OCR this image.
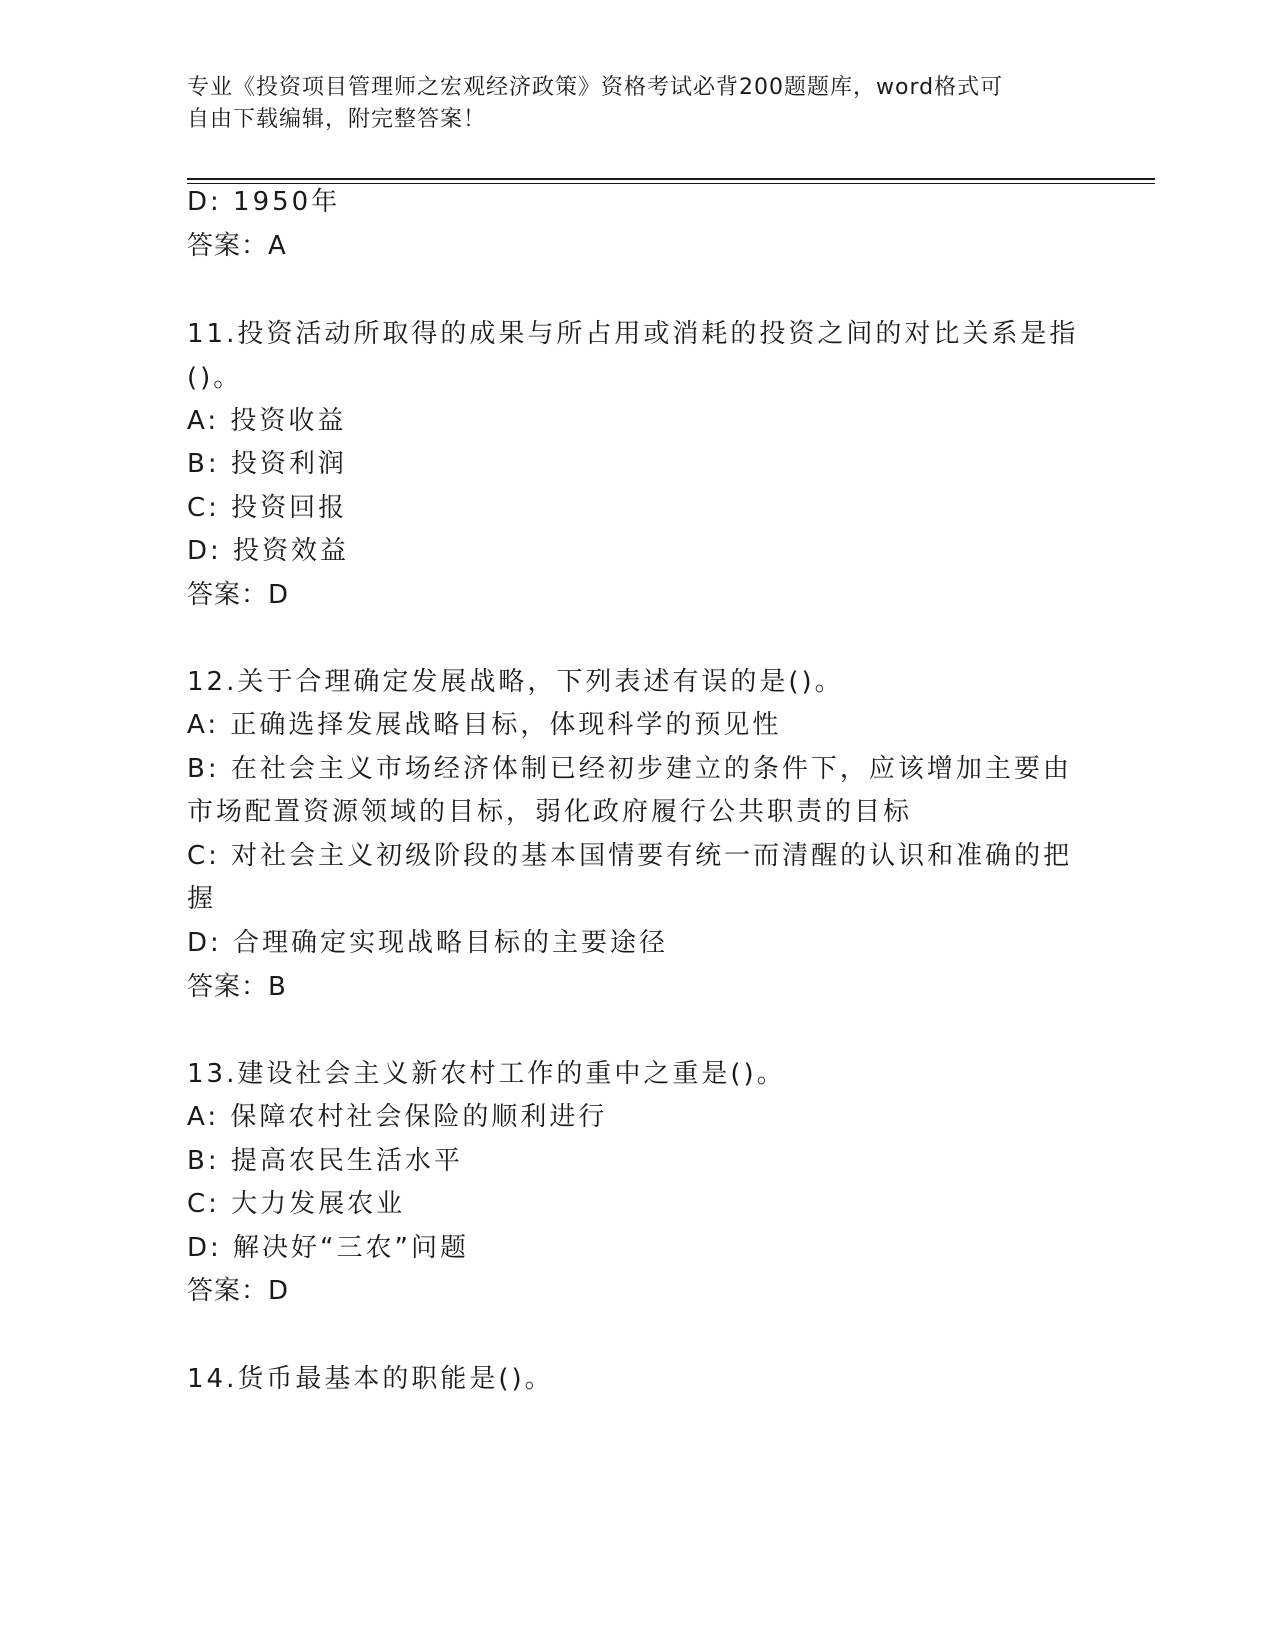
专业《投资项目管理师之宏观经济政策》资格考试必背200题题库，word格式可
自由下载编辑，附完整答案！
D: 1950年
答案：A
11.投资活动所取得的成果与所占用或消耗的投资之间的对比关系是指
()。
A: 投资收益
B: 投资利润
C: 投资回报
D: 投资效益
答案：D
12.关于合理确定发展战略，下列表述有误的是()。
A: 正确选择发展战略目标，体现科学的预见性
B: 在社会主义市场经济体制已经初步建立的条件下，应该增加主要由
市场配置资源领域的目标，弱化政府履行公共职责的目标
C: 对社会主义初级阶段的基本国情要有统一而清醒的认识和准确的把
握
D: 合理确定实现战略目标的主要途径
答案：B
13.建设社会主义新农村工作的重中之重是()。
A: 保障农村社会保险的顺利进行
B: 提高农民生活水平
C: 大力发展农业
D: 解决好“三农”问题
答案：D
14.货币最基本的职能是()。
